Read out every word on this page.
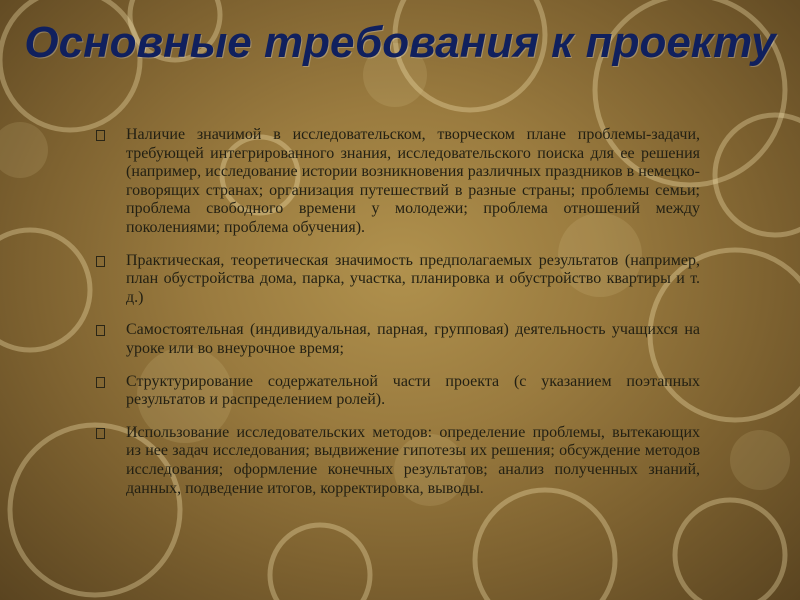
Основные требования к проекту
Наличие значимой в исследовательском, творческом плане проблемы-задачи, требующей интегрированного знания, исследовательского поиска для ее решения (например, исследование истории возникновения различных праздников в немецко-говорящих странах; организация путешествий в разные страны; проблемы семьи; проблема свободного времени у молодежи; проблема отношений между поколениями; проблема обучения).
Практическая, теоретическая значимость предполагаемых результатов (например, план обустройства дома, парка, участка, планировка и обустройство квартиры и т. д.)
Самостоятельная (индивидуальная, парная, групповая) деятельность учащихся на уроке или во внеурочное время;
Структурирование содержательной части проекта (с указанием поэтапных результатов и распределением ролей).
Использование исследовательских методов: определение проблемы, вытекающих из нее задач исследования; выдвижение гипотезы их решения; обсуждение методов исследования; оформление конечных результатов; анализ полученных знаний, данных, подведение итогов, корректировка, выводы.
